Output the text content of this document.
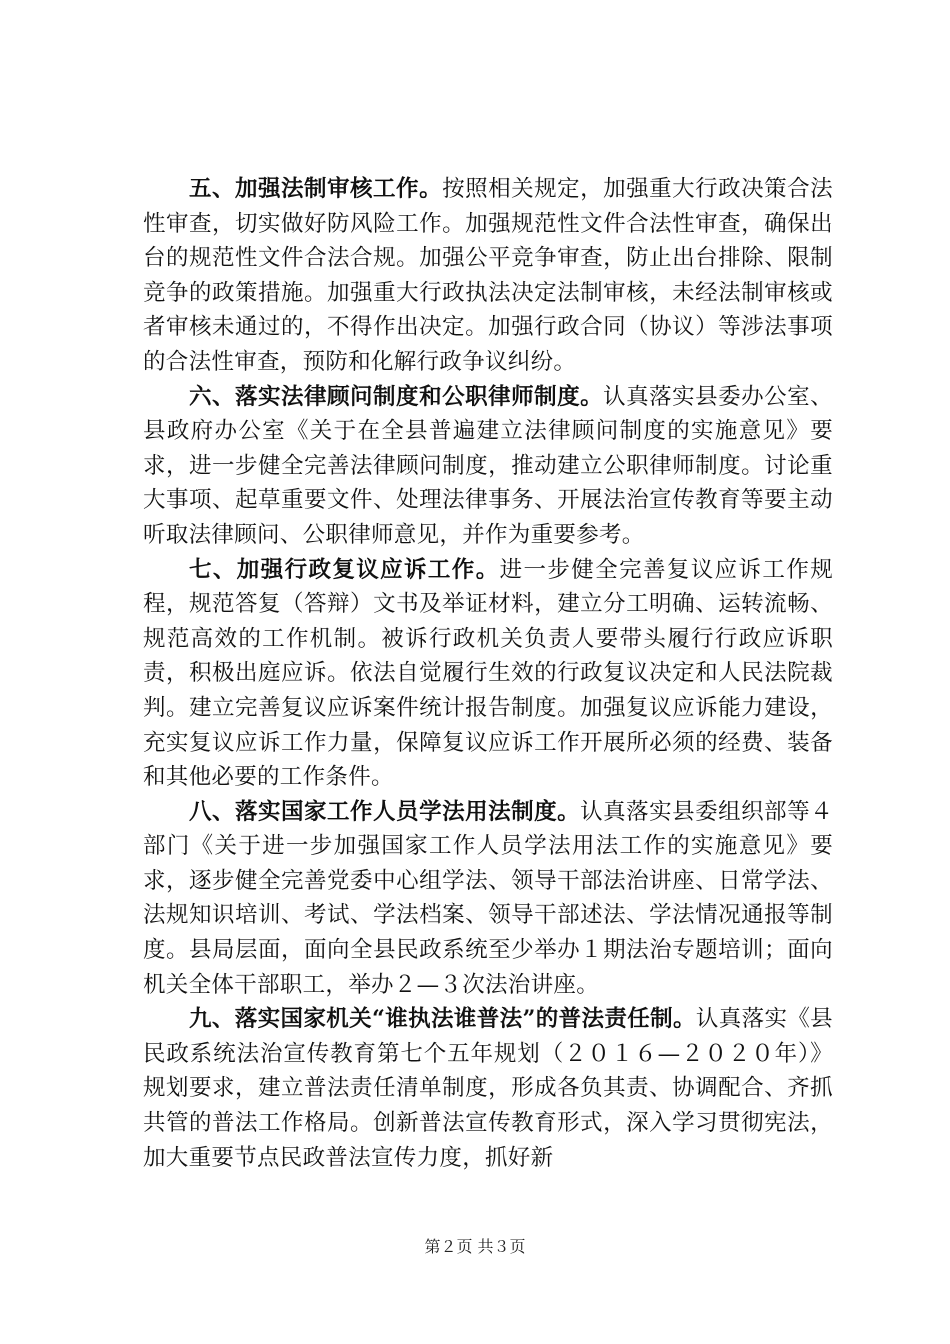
五、加强法制审核工作。按照相关规定，加强重大行政决策合法性审查，切实做好防风险工作。加强规范性文件合法性审查，确保出台的规范性文件合法合规。加强公平竞争审查，防止出台排除、限制竞争的政策措施。加强重大行政执法决定法制审核，未经法制审核或者审核未通过的，不得作出决定。加强行政合同（协议）等涉法事项的合法性审查，预防和化解行政争议纠纷。

六、落实法律顾问制度和公职律师制度。认真落实县委办公室、县政府办公室《关于在全县普遍建立法律顾问制度的实施意见》要求，进一步健全完善法律顾问制度，推动建立公职律师制度。讨论重大事项、起草重要文件、处理法律事务、开展法治宣传教育等要主动听取法律顾问、公职律师意见，并作为重要参考。

七、加强行政复议应诉工作。进一步健全完善复议应诉工作规程，规范答复（答辩）文书及举证材料，建立分工明确、运转流畅、规范高效的工作机制。被诉行政机关负责人要带头履行行政应诉职责，积极出庭应诉。依法自觉履行生效的行政复议决定和人民法院裁判。建立完善复议应诉案件统计报告制度。加强复议应诉能力建设，充实复议应诉工作力量，保障复议应诉工作开展所必须的经费、装备和其他必要的工作条件。

八、落实国家工作人员学法用法制度。认真落实县委组织部等４部门《关于进一步加强国家工作人员学法用法工作的实施意见》要求，逐步健全完善党委中心组学法、领导干部法治讲座、日常学法、法规知识培训、考试、学法档案、领导干部述法、学法情况通报等制度。县局层面，面向全县民政系统至少举办１期法治专题培训；面向机关全体干部职工，举办２—３次法治讲座。

九、落实国家机关“谁执法谁普法”的普法责任制。认真落实《县民政系统法治宣传教育第七个五年规划（２０１６—２０２０年）》规划要求，建立普法责任清单制度，形成各负其责、协调配合、齐抓共管的普法工作格局。创新普法宣传教育形式，深入学习贯彻宪法，加大重要节点民政普法宣传力度，抓好新

第２页 共３页
